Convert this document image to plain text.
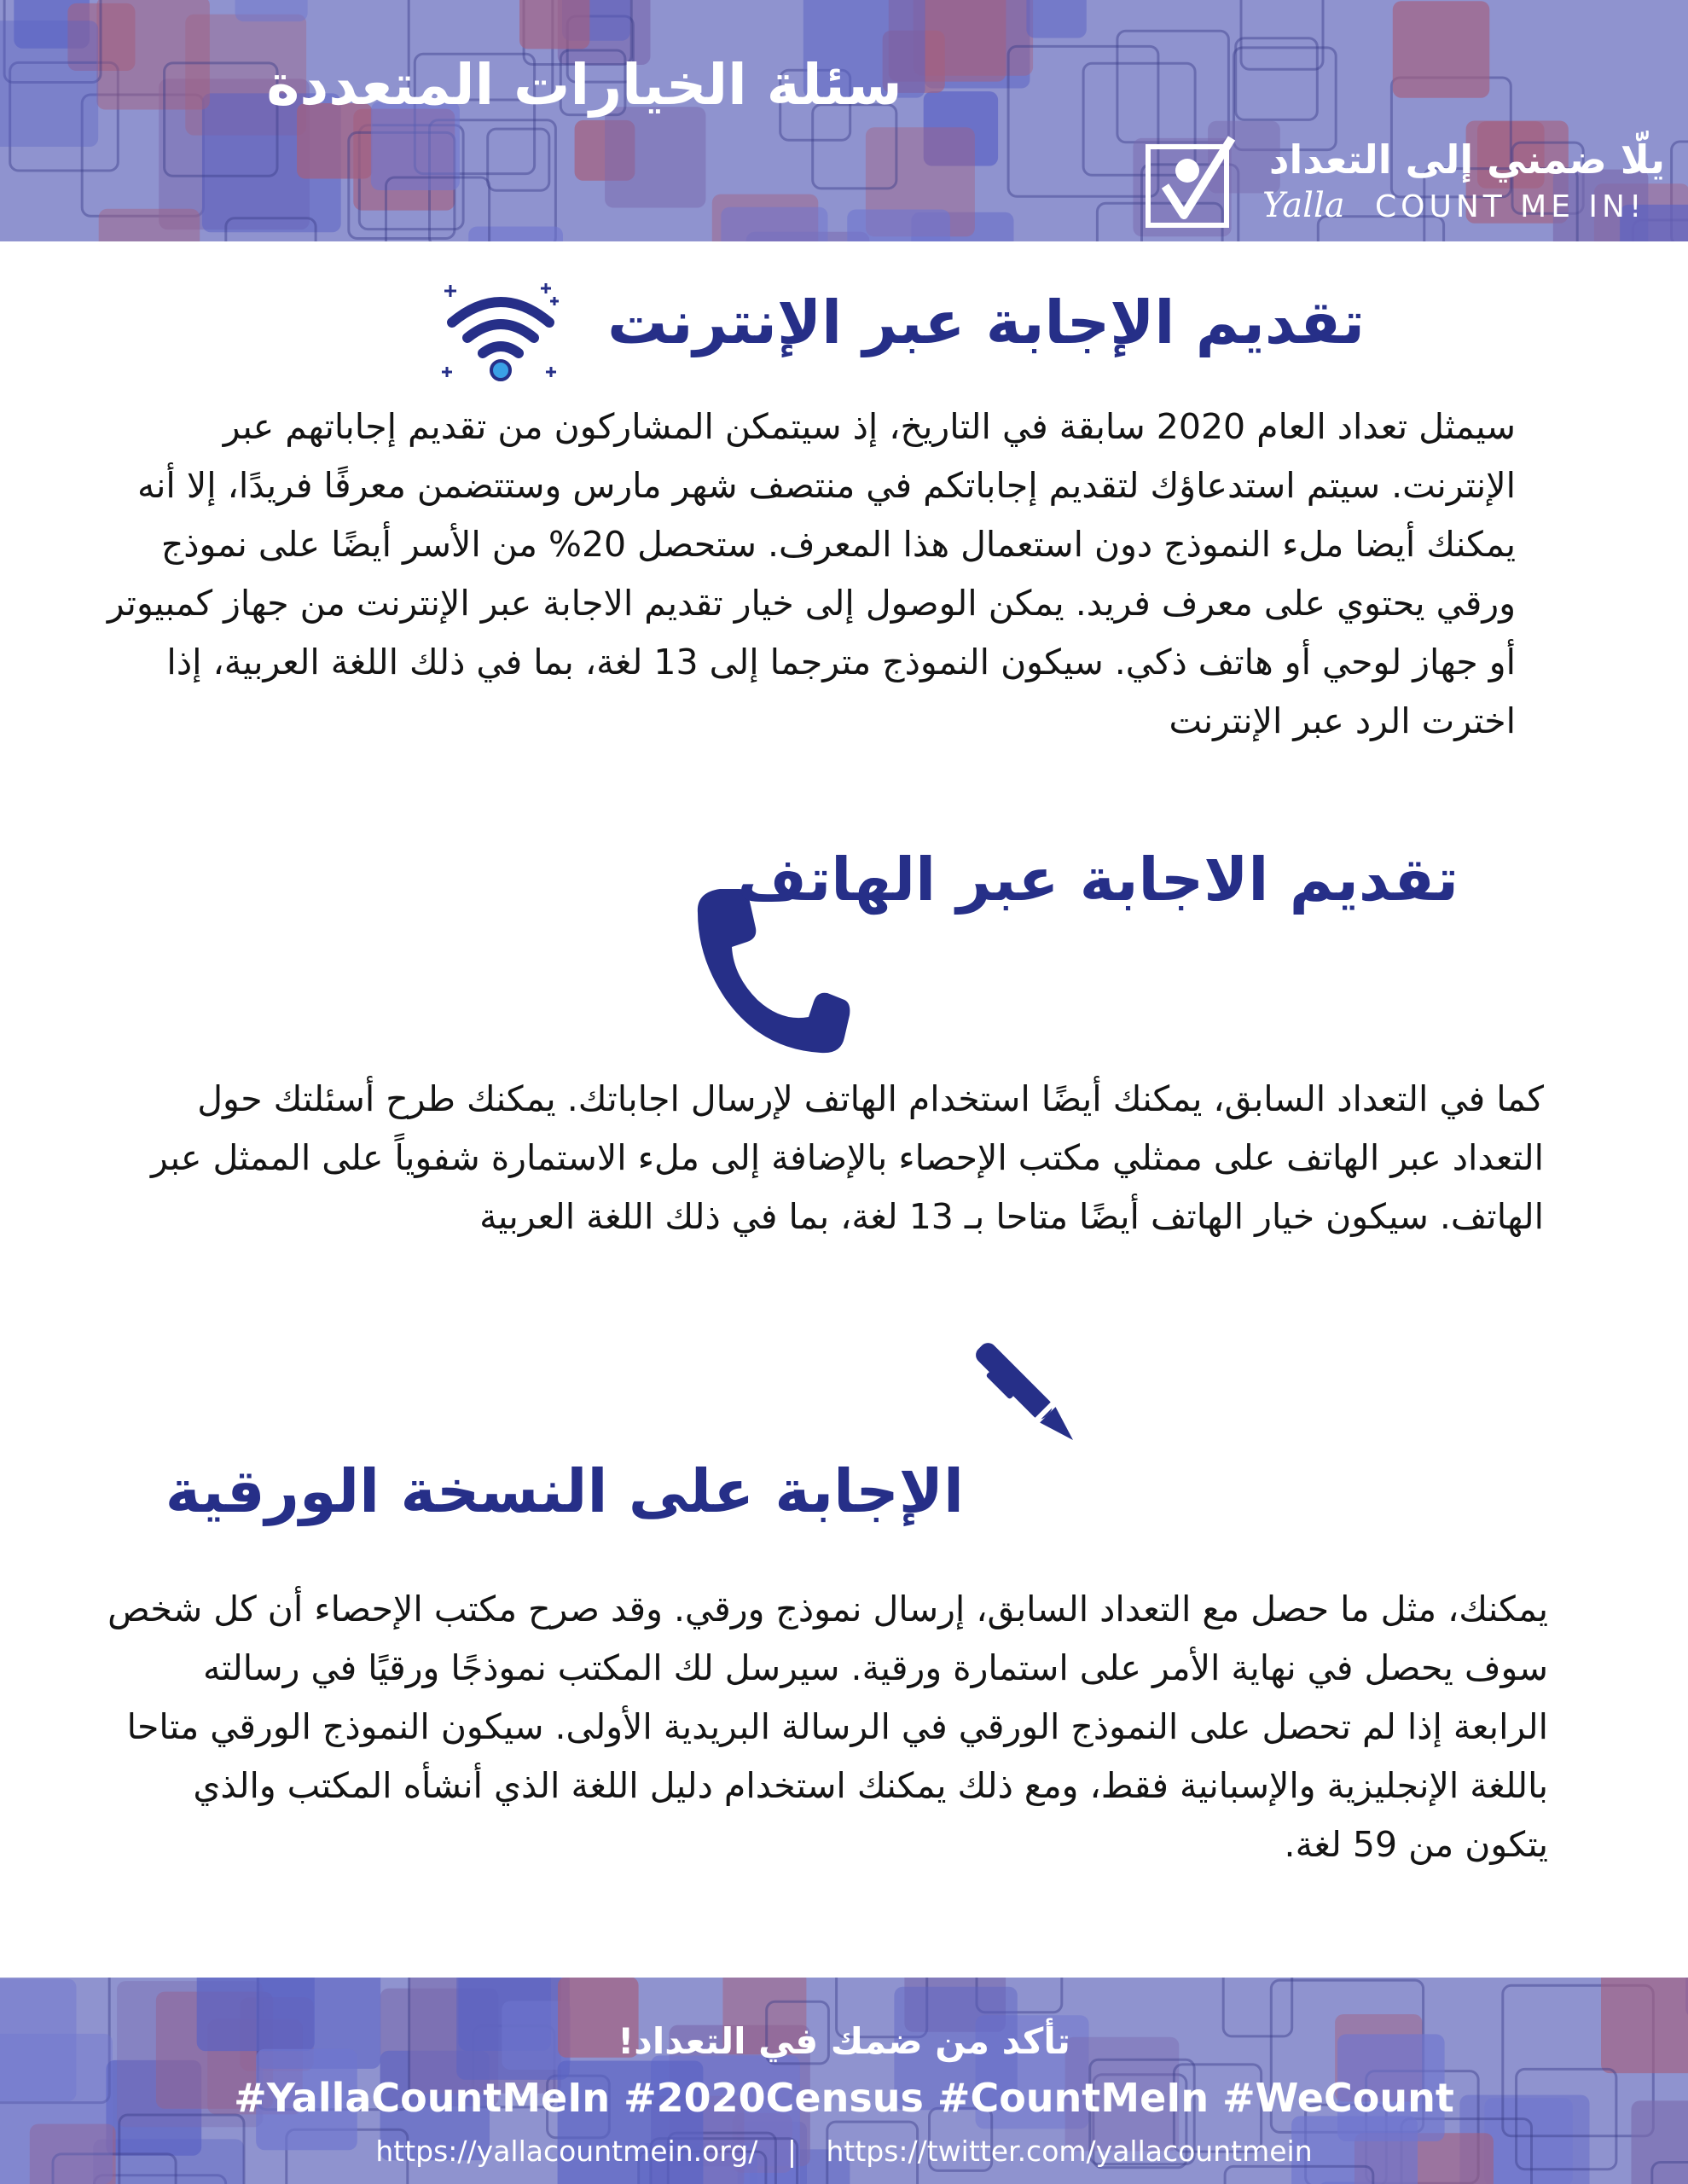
سئلة الخيارات المتعددة
يلّا ضمني إلى التعداد
Yalla COUNT ME IN!
تقديم الإجابة عبر الإنترنت

سيمثل تعداد العام 2020 سابقة في التاريخ، إذ سيتمكن المشاركون من تقديم إجاباتهم عبر الإنترنت. سيتم استدعاؤك لتقديم إجاباتكم في منتصف شهر مارس وستتضمن معرفًا فريدًا، إلا أنه يمكنك أيضا ملء النموذج دون استعمال هذا المعرف. ستحصل 20% من الأسر أيضًا على نموذج ورقي يحتوي على معرف فريد. يمكن الوصول إلى خيار تقديم الاجابة عبر الإنترنت من جهاز كمبيوتر أو جهاز لوحي أو هاتف ذكي. سيكون النموذج مترجما إلى 13 لغة، بما في ذلك اللغة العربية، إذا اخترت الرد عبر الإنترنت

تقديم الاجابة عبر الهاتف

كما في التعداد السابق، يمكنك أيضًا استخدام الهاتف لإرسال اجاباتك. يمكنك طرح أسئلتك حول التعداد عبر الهاتف على ممثلي مكتب الإحصاء بالإضافة إلى ملء الاستمارة شفوياً على الممثل عبر الهاتف. سيكون خيار الهاتف أيضًا متاحا بـ 13 لغة، بما في ذلك اللغة العربية

الإجابة على النسخة الورقية

يمكنك، مثل ما حصل مع التعداد السابق، إرسال نموذج ورقي. وقد صرح مكتب الإحصاء أن كل شخص سوف يحصل في نهاية الأمر على استمارة ورقية. سيرسل لك المكتب نموذجًا ورقيًا في رسالته الرابعة إذا لم تحصل على النموذج الورقي في الرسالة البريدية الأولى. سيكون النموذج الورقي متاحا باللغة الإنجليزية والإسبانية فقط، ومع ذلك يمكنك استخدام دليل اللغة الذي أنشأه المكتب والذي يتكون من 59 لغة.

تأكد من ضمك في التعداد!
#YallaCountMeIn #2020Census #CountMeIn #WeCount
https://yallacountmein.org/ | https://twitter.com/yallacountmein
